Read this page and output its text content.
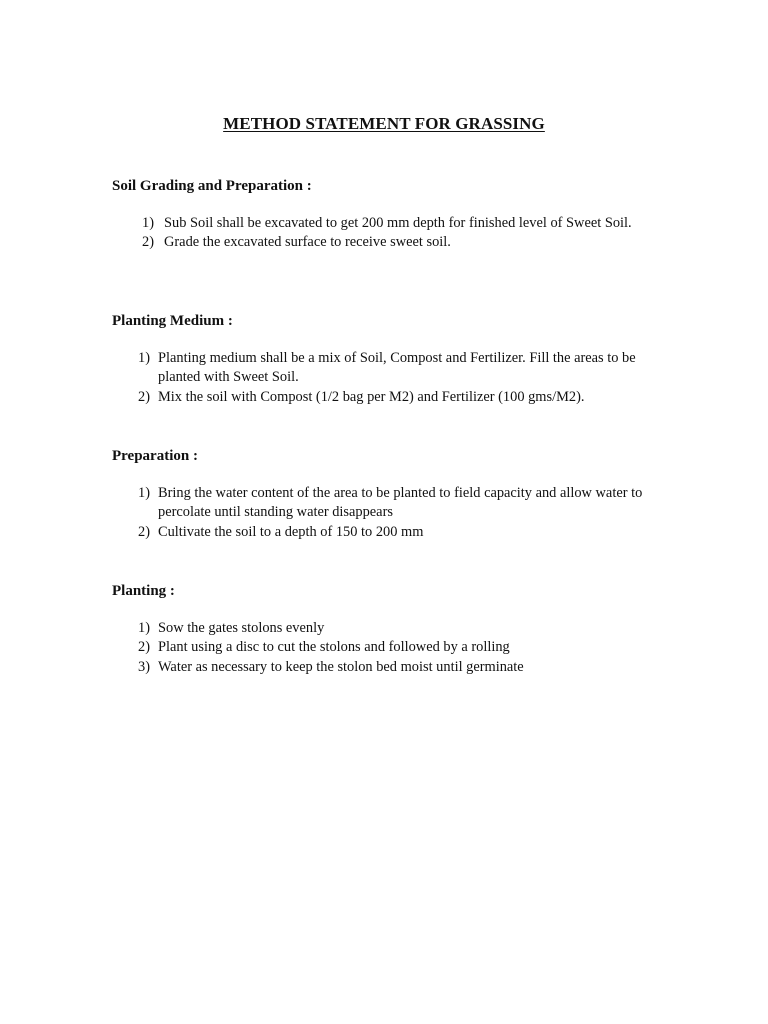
METHOD STATEMENT FOR GRASSING

Soil Grading and Preparation :

1) Sub Soil shall be excavated to get 200 mm depth for finished level of Sweet Soil.
2) Grade the excavated surface to receive sweet soil.

Planting Medium :

1) Planting medium shall be a mix of Soil, Compost and Fertilizer. Fill the areas to be planted with Sweet Soil.
2) Mix the soil with Compost (1/2 bag per M2) and Fertilizer (100 gms/M2).

Preparation :

1) Bring the water content of the area to be planted to field capacity and allow water to percolate until standing water disappears
2) Cultivate the soil to a depth of 150 to 200 mm

Planting :

1) Sow the gates stolons evenly
2) Plant using a disc to cut the stolons and followed by a rolling
3) Water as necessary to keep the stolon bed moist until germinate
